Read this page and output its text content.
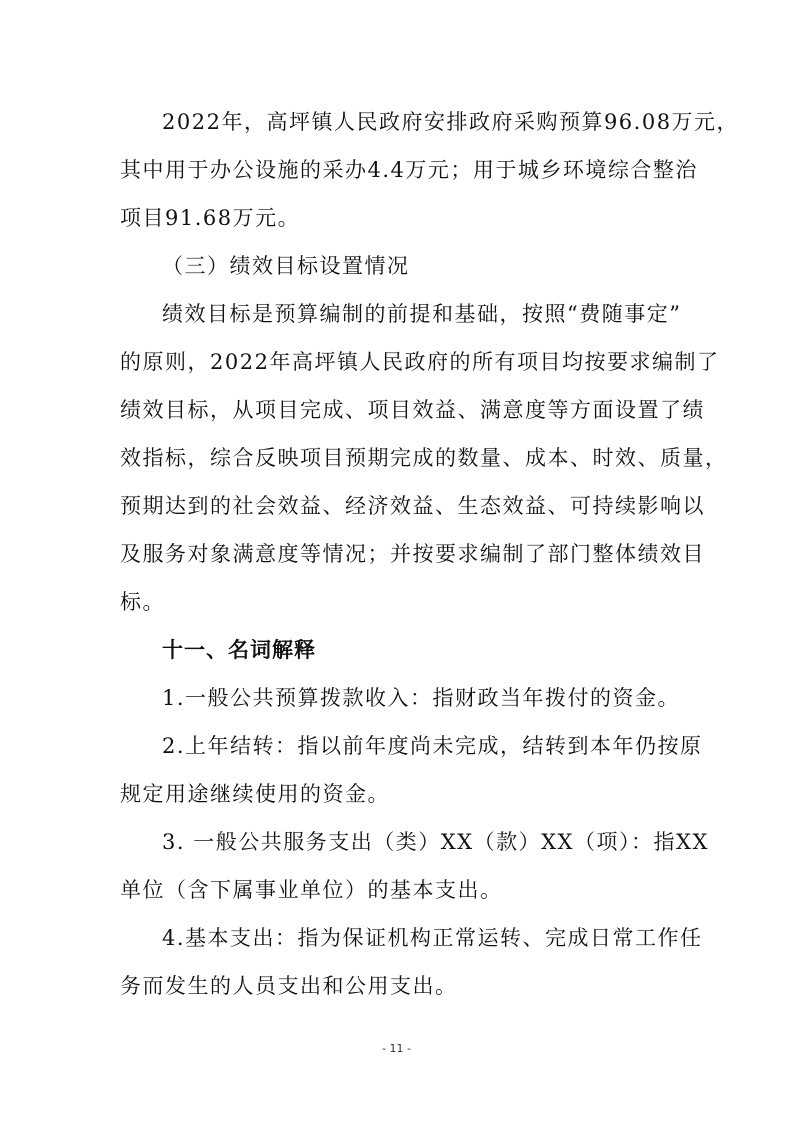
2022年，高坪镇人民政府安排政府采购预算96.08万元，
其中用于办公设施的采办4.4万元；用于城乡环境综合整治
项目91.68万元。
（三）绩效目标设置情况
绩效目标是预算编制的前提和基础，按照“费随事定”
的原则，2022年高坪镇人民政府的所有项目均按要求编制了
绩效目标，从项目完成、项目效益、满意度等方面设置了绩
效指标，综合反映项目预期完成的数量、成本、时效、质量，
预期达到的社会效益、经济效益、生态效益、可持续影响以
及服务对象满意度等情况；并按要求编制了部门整体绩效目
标。
十一、名词解释
1.一般公共预算拨款收入：指财政当年拨付的资金。
2.上年结转：指以前年度尚未完成，结转到本年仍按原
规定用途继续使用的资金。
3. 一般公共服务支出（类）XX（款）XX（项）：指XX
单位（含下属事业单位）的基本支出。
4.基本支出：指为保证机构正常运转、完成日常工作任
务而发生的人员支出和公用支出。
- 11 -
